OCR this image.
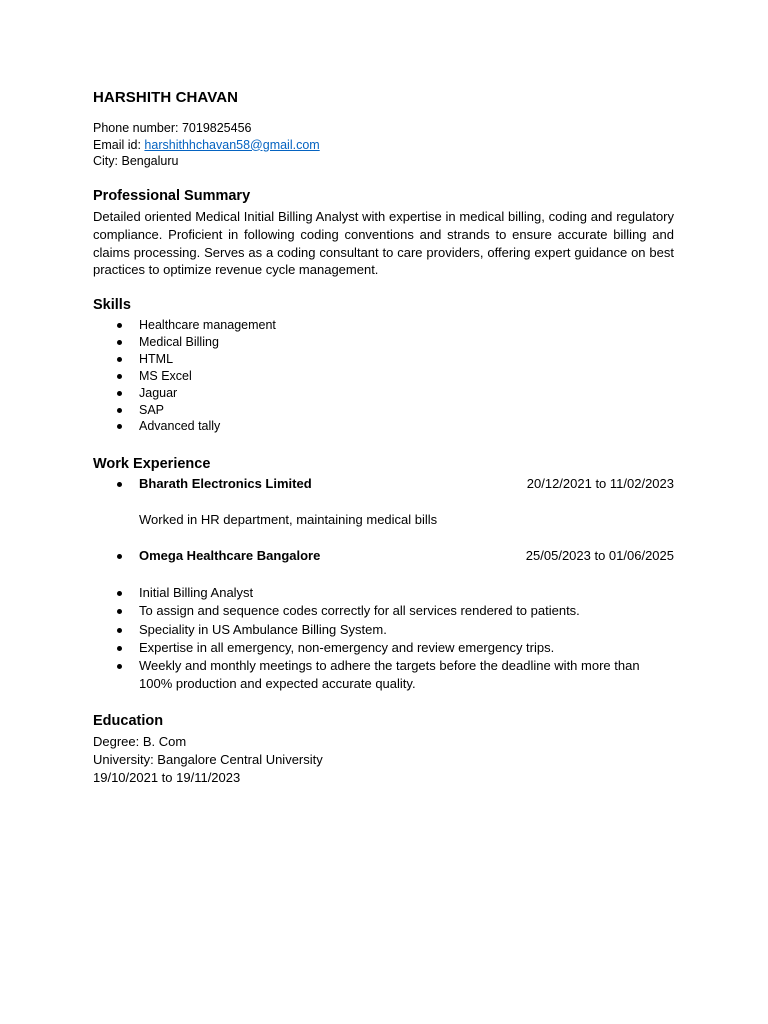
HARSHITH CHAVAN
Phone number: 7019825456
Email id: harshithhchavan58@gmail.com
City: Bengaluru
Professional Summary

Detailed oriented Medical Initial Billing Analyst with expertise in medical billing, coding and regulatory compliance. Proficient in following coding conventions and strands to ensure accurate billing and claims processing. Serves as a coding consultant to care providers, offering expert guidance on best practices to optimize revenue cycle management.

Skills
Healthcare management
Medical Billing
HTML
MS Excel
Jaguar
SAP
Advanced tally
Work Experience
Bharath Electronics Limited	20/12/2021 to 11/02/2023
Worked in HR department, maintaining medical bills
Omega Healthcare Bangalore	25/05/2023 to 01/06/2025
Initial Billing Analyst
To assign and sequence codes correctly for all services rendered to patients.
Speciality in US Ambulance Billing System.
Expertise in all emergency, non-emergency and review emergency trips.
Weekly and monthly meetings to adhere the targets before the deadline with more than 100% production and expected accurate quality.
Education
Degree: B. Com
University: Bangalore Central University
19/10/2021 to 19/11/2023
